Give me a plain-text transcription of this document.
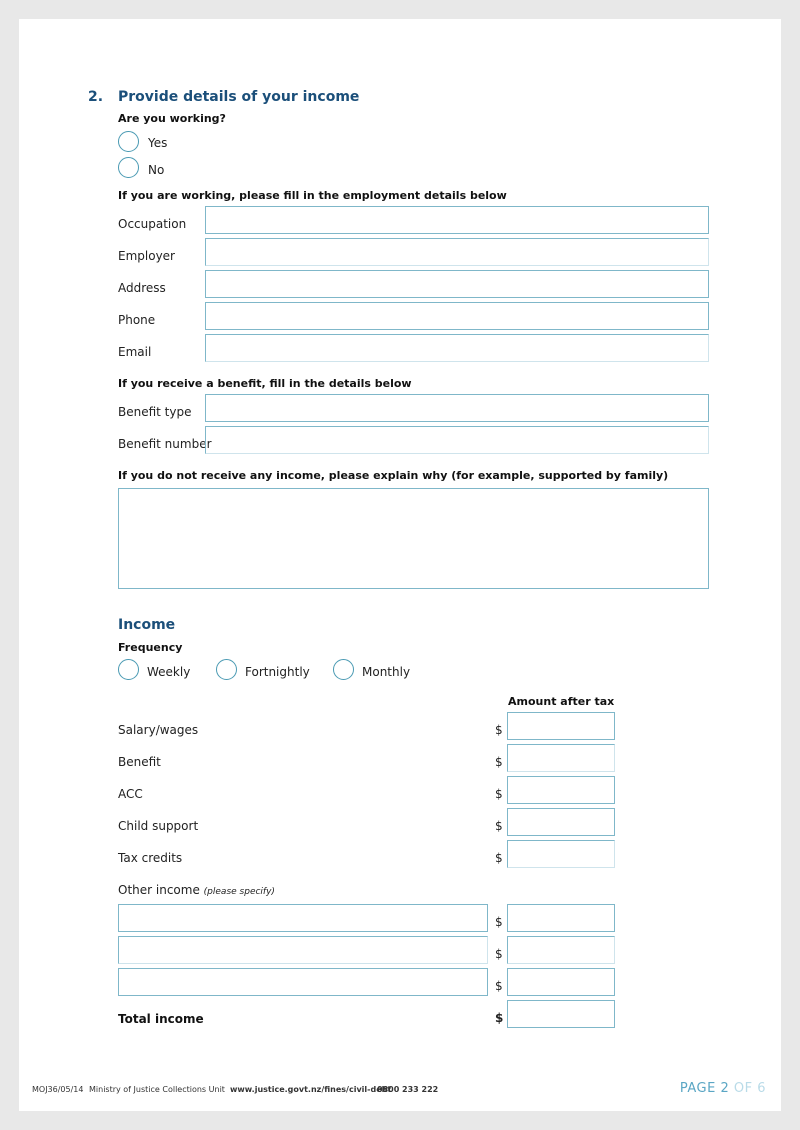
2. Provide details of your income
Are you working?
Yes
No
If you are working, please fill in the employment details below
Occupation
Employer
Address
Phone
Email
If you receive a benefit, fill in the details below
Benefit type
Benefit number
If you do not receive any income, please explain why (for example, supported by family)
Income
Frequency
Weekly	Fortnightly	Monthly
Amount after tax
Salary/wages	$
Benefit	$
ACC	$
Child support	$
Tax credits	$
Other income (please specify)
$
$
$
Total income	$
MOJ36/05/14 Ministry of Justice Collections Unit www.justice.govt.nz/fines/civil-debt
0800 233 222	PAGE 2 OF 6
